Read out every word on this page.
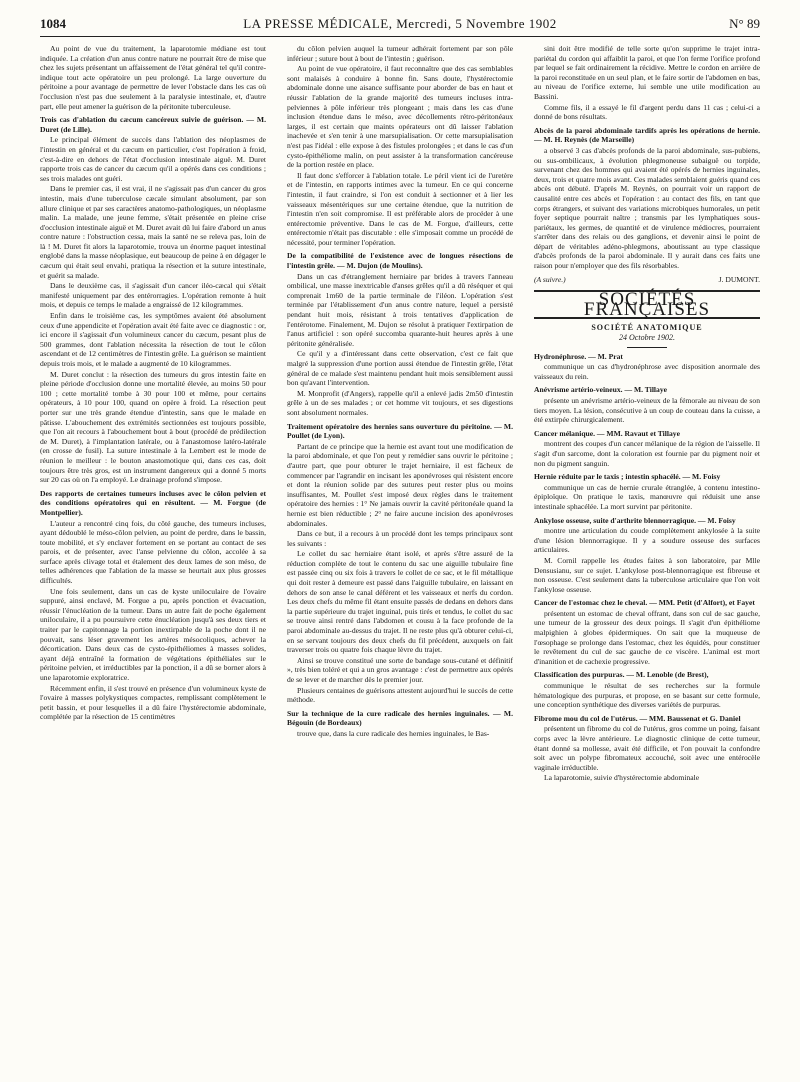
1084	LA PRESSE MÉDICALE, Mercredi, 5 Novembre 1902	N° 89

Au point de vue du traitement, la laparotomie médiane est tout indiquée. La création d'un anus contre nature ne pourrait être de mise que chez les sujets présentant un affaissement de l'état général tel qu'il contre-indique tout acte opératoire un peu prolongé. La large ouverture du péritoine a pour avantage de permettre de lever l'obstacle dans les cas où l'occlusion n'est pas due seulement à la paralysie intestinale, et, d'autre part, elle peut amener la guérison de la péritonite tuberculeuse.

Trois cas d'ablation du cæcum cancéreux suivie de guérison. — M. Duret (de Lille).

Le principal élément de succès dans l'ablation des néoplasmes de l'intestin en général et du cæcum en particulier, c'est l'opération à froid, c'est-à-dire en dehors de l'état d'occlusion intestinale aiguë. M. Duret rapporte trois cas de cancer du cæcum qu'il a opérés dans ces conditions ; ses trois malades ont guéri.

Dans le premier cas, il est vrai, il ne s'agissait pas d'un cancer du gros intestin, mais d'une tuberculose cæcale simulant absolument, par son allure clinique et par ses caractères anatomo-pathologiques, un néoplasme malin. La malade, une jeune femme, s'était présentée en pleine crise d'occlusion intestinale aiguë et M. Duret avait dû lui faire d'abord un anus contre nature : l'obstruction cessa, mais la santé ne se releva pas, loin de là ! M. Duret fit alors la laparotomie, trouva un énorme paquet intestinal englobé dans la masse néoplasique, eut beaucoup de peine à en dégager le cæcum qui était seul envahi, pratiqua la résection et la suture intestinale, et guérit sa malade.

Dans le deuxième cas, il s'agissait d'un cancer iléo-cæcal qui s'était manifesté uniquement par des entérorragies. L'opération remonte à huit mois, et depuis ce temps le malade a engraissé de 12 kilogrammes.

Enfin dans le troisième cas, les symptômes avaient été absolument ceux d'une appendicite et l'opération avait été faite avec ce diagnostic : or, ici encore il s'agissait d'un volumineux cancer du cæcum, pesant plus de 500 grammes, dont l'ablation nécessita la résection de tout le côlon ascendant et de 12 centimètres de l'intestin grêle. La guérison se maintient depuis trois mois, et le malade a augmenté de 10 kilogrammes.

M. Duret conclut : la résection des tumeurs du gros intestin faite en pleine période d'occlusion donne une mortalité élevée, au moins 50 pour 100 ; cette mortalité tombe à 30 pour 100 et même, pour certains opérateurs, à 10 pour 100, quand on opère à froid. La résection peut porter sur une très grande étendue d'intestin, sans que le malade en pâtisse. L'abouchement des extrémités sectionnées est toujours possible, que l'on ait recours à l'abouchement bout à bout (procédé de prédilection de M. Duret), à l'implantation latérale, ou à l'anastomose latéro-latérale (en crosse de fusil). La suture intestinale à la Lembert est le mode de réunion le meilleur : le bouton anastomotique qui, dans ces cas, doit toujours être très gros, est un instrument dangereux qui a donné 5 morts sur 20 cas où on l'a employé. Le drainage profond s'impose.

Des rapports de certaines tumeurs incluses avec le côlon pelvien et des conditions opératoires qui en résultent. — M. Forgue (de Montpellier).

L'auteur a rencontré cinq fois, du côté gauche, des tumeurs incluses, ayant dédoublé le méso-côlon pelvien, au point de perdre, dans le bassin, toute mobilité, et s'y enclaver fortement en se portant au contact de ses parois, et de présenter, avec l'anse pelvienne du côlon, accolée à sa surface après clivage total et étalement des deux lames de son méso, de telles adhérences que l'ablation de la masse se heurtait aux plus grosses difficultés.

Une fois seulement, dans un cas de kyste uniloculaire de l'ovaire suppuré, ainsi enclavé, M. Forgue a pu, après ponction et évacuation, réussir l'énucléation de la tumeur. Dans un autre fait de poche également uniloculaire, il a pu poursuivre cette énucléation jusqu'à ses deux tiers et traiter par le capitonnage la portion inextirpable de la poche dont il ne pouvait, sans léser gravement les artères mésocoliques, achever la décortication. Dans deux cas de cysto-épithéliomes à masses solides, ayant déjà entraîné la formation de végétations épithéliales sur le péritoine pelvien, et irréductibles par la ponction, il a dû se borner alors à une laparotomie exploratrice.

Récemment enfin, il s'est trouvé en présence d'un volumineux kyste de l'ovaire à masses polykystiques compactes, remplissant complètement le petit bassin, et pour lesquelles il a dû faire l'hystérectomie abdominale, complétée par la résection de 15 centimètres

du côlon pelvien auquel la tumeur adhérait fortement par son pôle inférieur ; suture bout à bout de l'intestin ; guérison.

Au point de vue opératoire, il faut reconnaître que des cas semblables sont malaisés à conduire à bonne fin. Sans doute, l'hystérectomie abdominale donne une aisance suffisante pour aborder de bas en haut et réussir l'ablation de la grande majorité des tumeurs incluses intra-pelviennes à pôle inférieur très plongeant ; mais dans les cas d'une inclusion étendue dans le méso, avec décollements rétro-péritonéaux larges, il est certain que maints opérateurs ont dû laisser l'ablation inachevée et s'en tenir à une marsupialisation. Or cette marsupialisation n'est pas l'idéal : elle expose à des fistules prolongées ; et dans le cas d'un cysto-épithéliome malin, on peut assister à la transformation cancéreuse de la portion restée en place.

Il faut donc s'efforcer à l'ablation totale. Le péril vient ici de l'uretère et de l'intestin, en rapports intimes avec la tumeur. En ce qui concerne l'intestin, il faut craindre, si l'on est conduit à sectionner et à lier les vaisseaux mésentériques sur une certaine étendue, que la nutrition de l'intestin n'en soit compromise. Il est préférable alors de procéder à une entérectomie préventive. Dans le cas de M. Forgue, d'ailleurs, cette entérectomie n'était pas discutable : elle s'imposait comme un procédé de nécessité, pour terminer l'opération.

De la compatibilité de l'existence avec de longues résections de l'intestin grêle. — M. Dujon (de Moulins).

Dans un cas d'étranglement herniaire par brides à travers l'anneau ombilical, une masse inextricable d'anses grêles qu'il a dû réséquer et qui comprenait 1m60 de la partie terminale de l'iléon. L'opération s'est terminée par l'établissement d'un anus contre nature, lequel a persisté pendant huit mois, résistant à trois tentatives d'application de l'entérotome. Finalement, M. Dujon se résolut à pratiquer l'extirpation de l'anus artificiel : son opéré succomba quarante-huit heures après à une péritonite généralisée.

Ce qu'il y a d'intéressant dans cette observation, c'est ce fait que malgré la suppression d'une portion aussi étendue de l'intestin grêle, l'état général de ce malade s'est maintenu pendant huit mois sensiblement aussi bon qu'avant l'intervention.

M. Monprofit (d'Angers), rappelle qu'il a enlevé jadis 2m50 d'intestin grêle à un de ses malades ; or cet homme vit toujours, et ses digestions sont absolument normales.

Traitement opératoire des hernies sans ouverture du péritoine. — M. Poullet (de Lyon).

Partant de ce principe que la hernie est avant tout une modification de la paroi abdominale, et que l'on peut y remédier sans ouvrir le péritoine ; d'autre part, que pour obturer le trajet herniaire, il est fâcheux de commencer par l'agrandir en incisant les aponévroses qui résistent encore et dont la réunion solide par des sutures peut rester plus ou moins insuffisantes, M. Poullet s'est imposé deux règles dans le traitement opératoire des hernies : 1° Ne jamais ouvrir la cavité péritonéale quand la hernie est bien réductible ; 2° ne faire aucune incision des aponévroses abdominales.

Dans ce but, il a recours à un procédé dont les temps principaux sont les suivants :

Le collet du sac herniaire étant isolé, et après s'être assuré de la réduction complète de tout le contenu du sac une aiguille tubulaire fine est passée cinq ou six fois à travers le collet de ce sac, et le fil métallique qui doit rester à demeure est passé dans l'aiguille tubulaire, en laissant en dehors de son anse le canal déférent et les vaisseaux et nerfs du cordon. Les deux chefs du même fil étant ensuite passés de dedans en dehors dans la partie supérieure du trajet inguinal, puis tirés et tendus, le collet du sac se trouve ainsi rentré dans l'abdomen et cousu à la face profonde de la paroi abdominale au-dessus du trajet. Il ne reste plus qu'à obturer celui-ci, en se servant toujours des deux chefs du fil précédent, auxquels on fait traverser trois ou quatre fois chaque lèvre du trajet.

Ainsi se trouve constitué une sorte de bandage sous-cutané et définitif », très bien toléré et qui a un gros avantage : c'est de permettre aux opérés de se lever et de marcher dès le premier jour.

Plusieurs centaines de guérisons attestent aujourd'hui le succès de cette méthode.

Sur la technique de la cure radicale des hernies inguinales. — M. Bégouin (de Bordeaux)

trouve que, dans la cure radicale des hernies inguinales, le Bas-

sini doit être modifié de telle sorte qu'on supprime le trajet intra-pariétal du cordon qui affaiblit la paroi, et que l'on ferme l'orifice profond par lequel se fait ordinairement la récidive. Mettre le cordon en arrière de la paroi reconstituée en un seul plan, et le faire sortir de l'abdomen en bas, au niveau de l'orifice externe, lui semble une utile modification au Bassini.

Comme fils, il a essayé le fil d'argent perdu dans 11 cas ; celui-ci a donné de bons résultats.

Abcès de la paroi abdominale tardifs après les opérations de hernie. — M. H. Reynès (de Marseille)

a observé 3 cas d'abcès profonds de la paroi abdominale, sus-pubiens, ou sus-ombilicaux, à évolution phlegmoneuse subaiguë ou torpide, survenant chez des hommes qui avaient été opérés de hernies inguinales, deux, trois et quatre mois avant. Ces malades semblaient guéris quand ces abcès ont débuté. D'après M. Reynès, on pourrait voir un rapport de causalité entre ces abcès et l'opération : au contact des fils, en tant que corps étrangers, et suivant des variations microbiques humorales, un petit foyer septique pourrait naître ; transmis par les lymphatiques sous-pariétaux, les germes, de quantité et de virulence médiocres, pourraient s'arrêter dans des relais ou des ganglions, et devenir ainsi le point de départ de véritables adéno-phlegmons, aboutissant au type classique d'abcès profonds de la paroi abdominale. Il y aurait dans ces faits une raison pour n'employer que des fils résorbables.

(A suivre.)	J. DUMONT.
SOCIÉTÉS FRANÇAISES
SOCIÉTÉ ANATOMIQUE
24 Octobre 1902.

Hydronéphrose. — M. Prat

communique un cas d'hydronéphrose avec disposition anormale des vaisseaux du rein.

Anévrisme artério-veineux. — M. Tillaye

présente un anévrisme artério-veineux de la fémorale au niveau de son tiers moyen. La lésion, consécutive à un coup de couteau dans la cuisse, a été extirpée chirurgicalement.

Cancer mélanique. — MM. Ravaut et Tillaye

montrent des coupes d'un cancer mélanique de la région de l'aisselle. Il s'agit d'un sarcome, dont la coloration est fournie par du pigment noir et non du pigment sanguin.

Hernie réduite par le taxis ; intestin sphacélé. — M. Foisy

communique un cas de hernie crurale étranglée, à contenu intestino-épiploïque. On pratique le taxis, manœuvre qui réduisit une anse intestinale sphacélée. La mort survint par péritonite.

Ankylose osseuse, suite d'arthrite blennorragique. — M. Foisy

montre une articulation du coude complètement ankylosée à la suite d'une lésion blennorragique. Il y a soudure osseuse des surfaces articulaires.

M. Cornil rappelle les études faites à son laboratoire, par Mlle Densusianu, sur ce sujet. L'ankylose post-blennorragique est fibreuse et non osseuse. C'est seulement dans la tuberculose articulaire que l'on voit l'ankylose osseuse.

Cancer de l'estomac chez le cheval. — MM. Petit (d'Alfort), et Fayet

présentent un estomac de cheval offrant, dans son cul de sac gauche, une tumeur de la grosseur des deux poings. Il s'agit d'un épithéliome malpighien à globes épidermiques. On sait que la muqueuse de l'œsophage se prolonge dans l'estomac, chez les équidés, pour constituer le revêtement du cul de sac gauche de ce viscère. L'animal est mort d'inanition et de cachexie progressive.

Classification des purpuras. — M. Lenoble (de Brest),

communique le résultat de ses recherches sur la formule hématologique des purpuras, et propose, en se basant sur cette formule, une conception synthétique des diverses variétés de purpuras.

Fibrome mou du col de l'utérus. — MM. Baussenat et G. Daniel

présentent un fibrome du col de l'utérus, gros comme un poing, faisant corps avec la lèvre antérieure. Le diagnostic clinique de cette tumeur, étant donné sa mollesse, avait été difficile, et l'on pouvait la confondre soit avec un polype fibromateux accouché, soit avec une entérocèle vaginale irréductible.

La laparotomie, suivie d'hystérectomie abdominale
